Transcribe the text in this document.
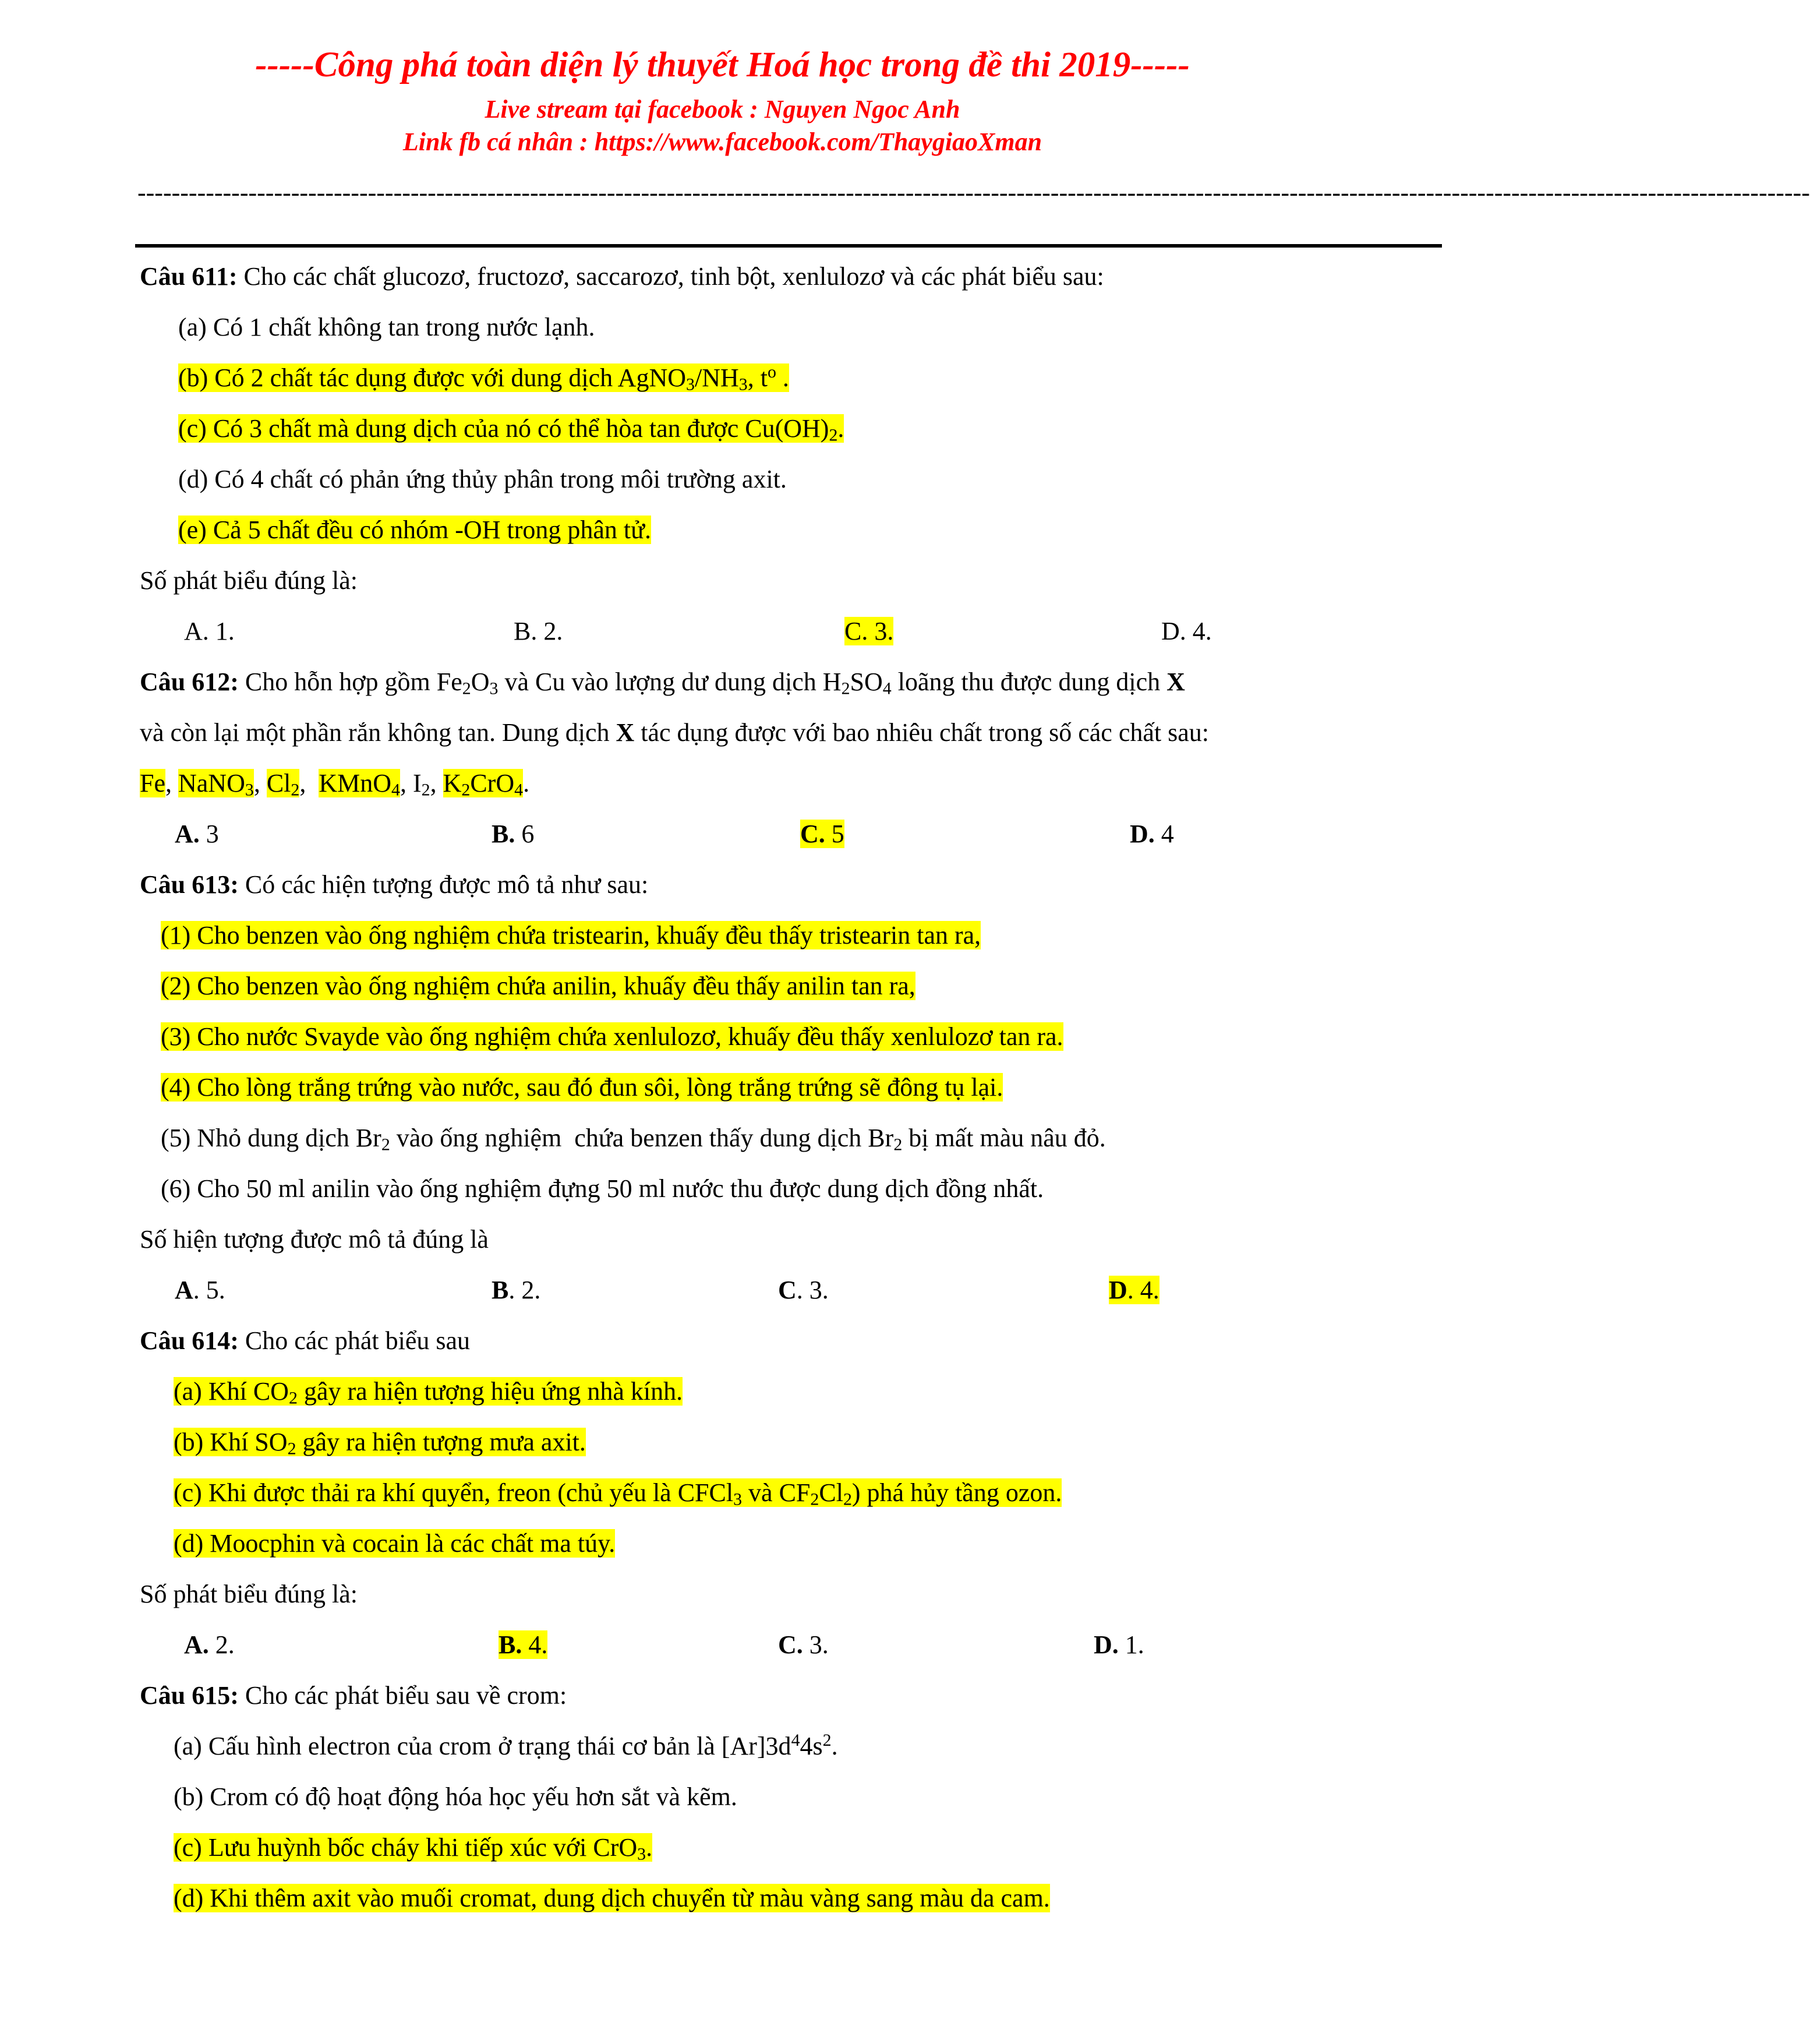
-----Công phá toàn diện lý thuyết Hoá học trong đề thi 2019-----
Live stream tại facebook : Nguyen Ngoc Anh
Link fb cá nhân : https://www.facebook.com/ThaygiaoXman
----------------------------------------------------------------------------------------------------------------------------------------------------------------------------------------------------
Câu 611: Cho các chất glucozơ, fructozơ, saccarozơ, tinh bột, xenlulozơ và các phát biểu sau:
(a) Có 1 chất không tan trong nước lạnh.
(b) Có 2 chất tác dụng được với dung dịch $AgNO_3/NH_3$, $t^o$ .
(c) Có 3 chất mà dung dịch của nó có thể hòa tan được $Cu(OH)_2$.
(d) Có 4 chất có phản ứng thủy phân trong môi trường axit.
(e) Cả 5 chất đều có nhóm -OH trong phân tử.
Số phát biểu đúng là:
A. 1.	B. 2.	C. 3.	D. 4.
Câu 612: Cho hỗn hợp gồm $Fe_2O_3$ và Cu vào lượng dư dung dịch $H_2SO_4$ loãng thu được dung dịch X
và còn lại một phần rắn không tan. Dung dịch X tác dụng được với bao nhiêu chất trong số các chất sau:
Fe, NaNO$_3$, $Cl_2$,  KMnO$_4$, $I_2$, $K_2CrO_4$.
A. 3	B. 6	C. 5	D. 4
Câu 613: Có các hiện tượng được mô tả như sau:
(1) Cho benzen vào ống nghiệm chứa tristearin, khuấy đều thấy tristearin tan ra,
(2) Cho benzen vào ống nghiệm chứa anilin, khuấy đều thấy anilin tan ra,
(3) Cho nước Svayde vào ống nghiệm chứa xenlulozơ, khuấy đều thấy xenlulozơ tan ra.
(4) Cho lòng trắng trứng vào nước, sau đó đun sôi, lòng trắng trứng sẽ đông tụ lại.
(5) Nhỏ dung dịch $Br_2$ vào ống nghiệm  chứa benzen thấy dung dịch $Br_2$ bị mất màu nâu đỏ.
(6) Cho 50 ml anilin vào ống nghiệm đựng 50 ml nước thu được dung dịch đồng nhất.
Số hiện tượng được mô tả đúng là
A. 5.	B. 2.	C. 3.	D. 4.
Câu 614: Cho các phát biểu sau
(a) Khí $CO_2$ gây ra hiện tượng hiệu ứng nhà kính.
(b) Khí $SO_2$ gây ra hiện tượng mưa axit.
(c) Khi được thải ra khí quyển, freon (chủ yếu là CFCl$_3$ và $CF_2Cl_2$) phá hủy tầng ozon.
(d) Moocphin và cocain là các chất ma túy.
Số phát biểu đúng là:
A. 2.	B. 4.	C. 3.	D. 1.
Câu 615: Cho các phát biểu sau về crom:
(a) Cấu hình electron của crom ở trạng thái cơ bản là $[Ar]3d^44s^2$.
(b) Crom có độ hoạt động hóa học yếu hơn sắt và kẽm.
(c) Lưu huỳnh bốc cháy khi tiếp xúc với CrO$_3$.
(d) Khi thêm axit vào muối cromat, dung dịch chuyển từ màu vàng sang màu da cam.
